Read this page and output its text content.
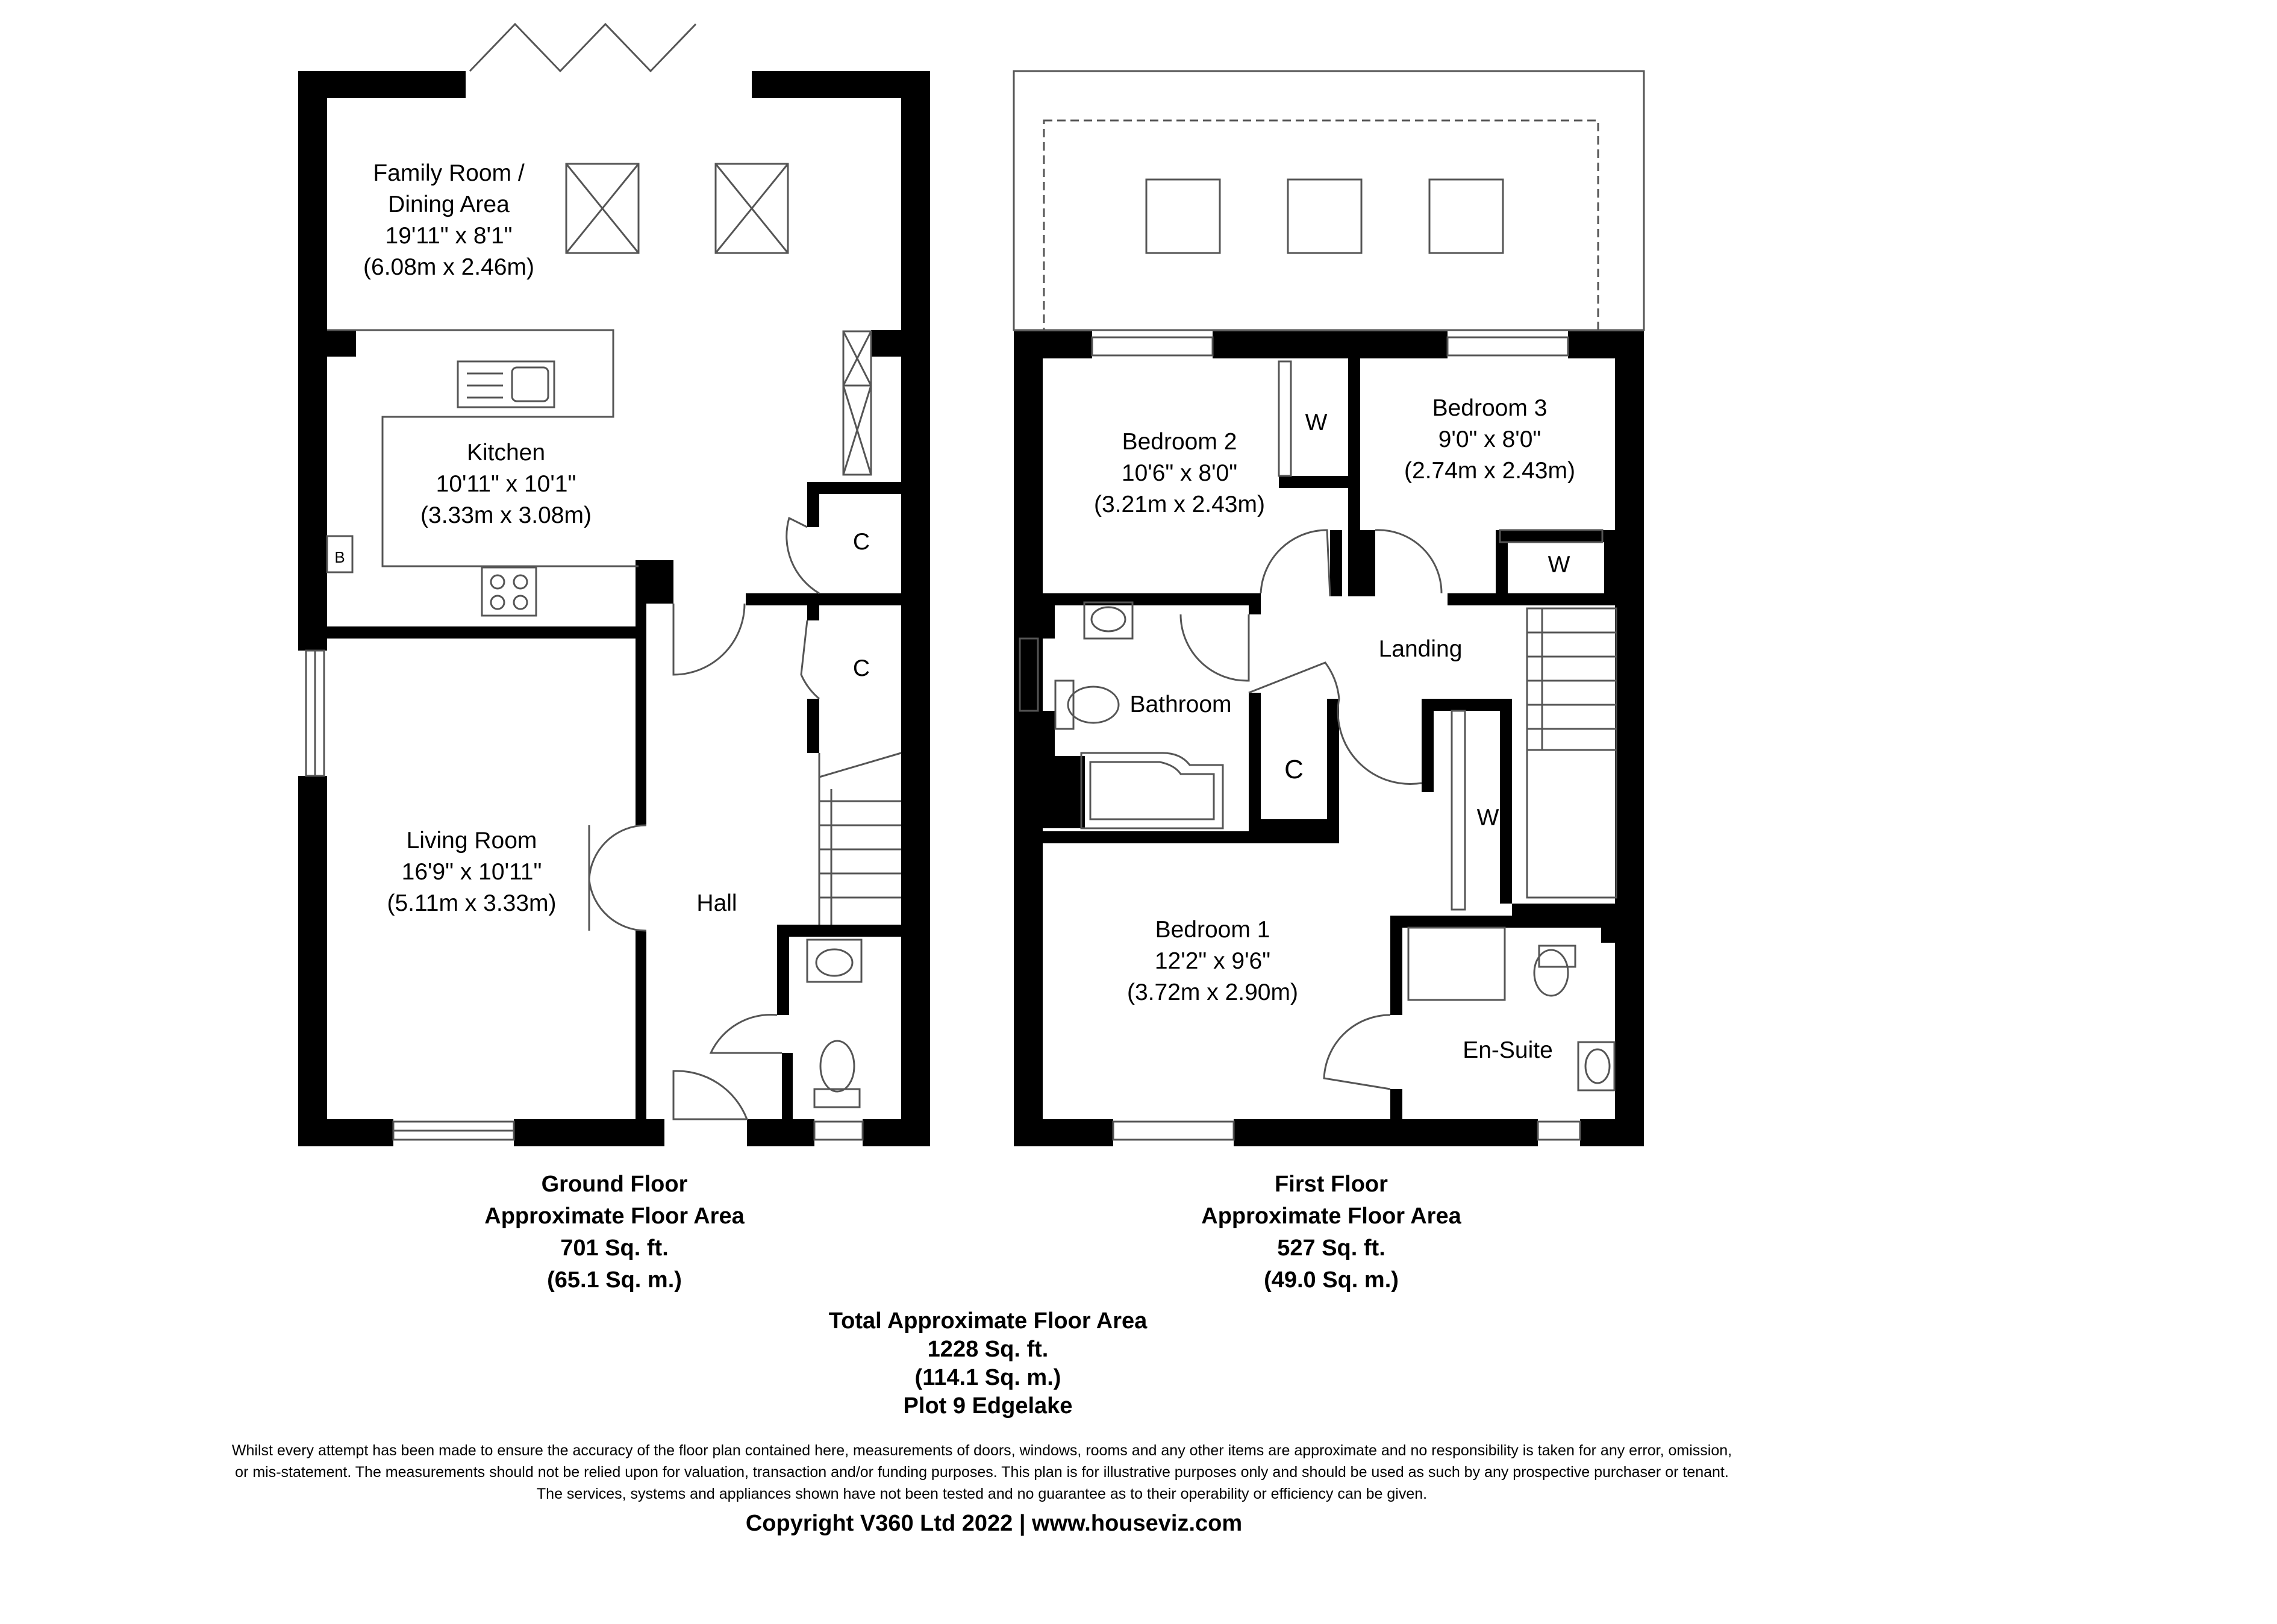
Family Room /
Dining Area
19'11" x 8'1"
(6.08m x 2.46m)
Kitchen
10'11" x 10'1"
(3.33m x 3.08m)
Living Room
16'9" x 10'11"
(5.11m x 3.33m)	Hall
C
C
B
Bedroom 2
10'6" x 8'0"
(3.21m x 2.43m)
Bedroom 3
9'0" x 8'0"
(2.74m x 2.43m)
Bedroom 1
12'2" x 9'6"
(3.72m x 2.90m)
Landing
Bathroom
En-Suite
W
W
W
C
Ground Floor
Approximate Floor Area
701 Sq. ft.
(65.1 Sq. m.)
First Floor
Approximate Floor Area
527 Sq. ft.
(49.0 Sq. m.)
Total Approximate Floor Area
1228 Sq. ft.
(114.1 Sq. m.)
Plot 9 Edgelake
Whilst every attempt has been made to ensure the accuracy of the floor plan contained here, measurements of doors, windows, rooms and any other items are approximate and no responsibility is taken for any error, omission,
or mis-statement. The measurements should not be relied upon for valuation, transaction and/or funding purposes. This plan is for illustrative purposes only and should be used as such by any prospective purchaser or tenant.
The services, systems and appliances shown have not been tested and no guarantee as to their operability or efficiency can be given.
Copyright V360 Ltd 2022 | www.houseviz.com
